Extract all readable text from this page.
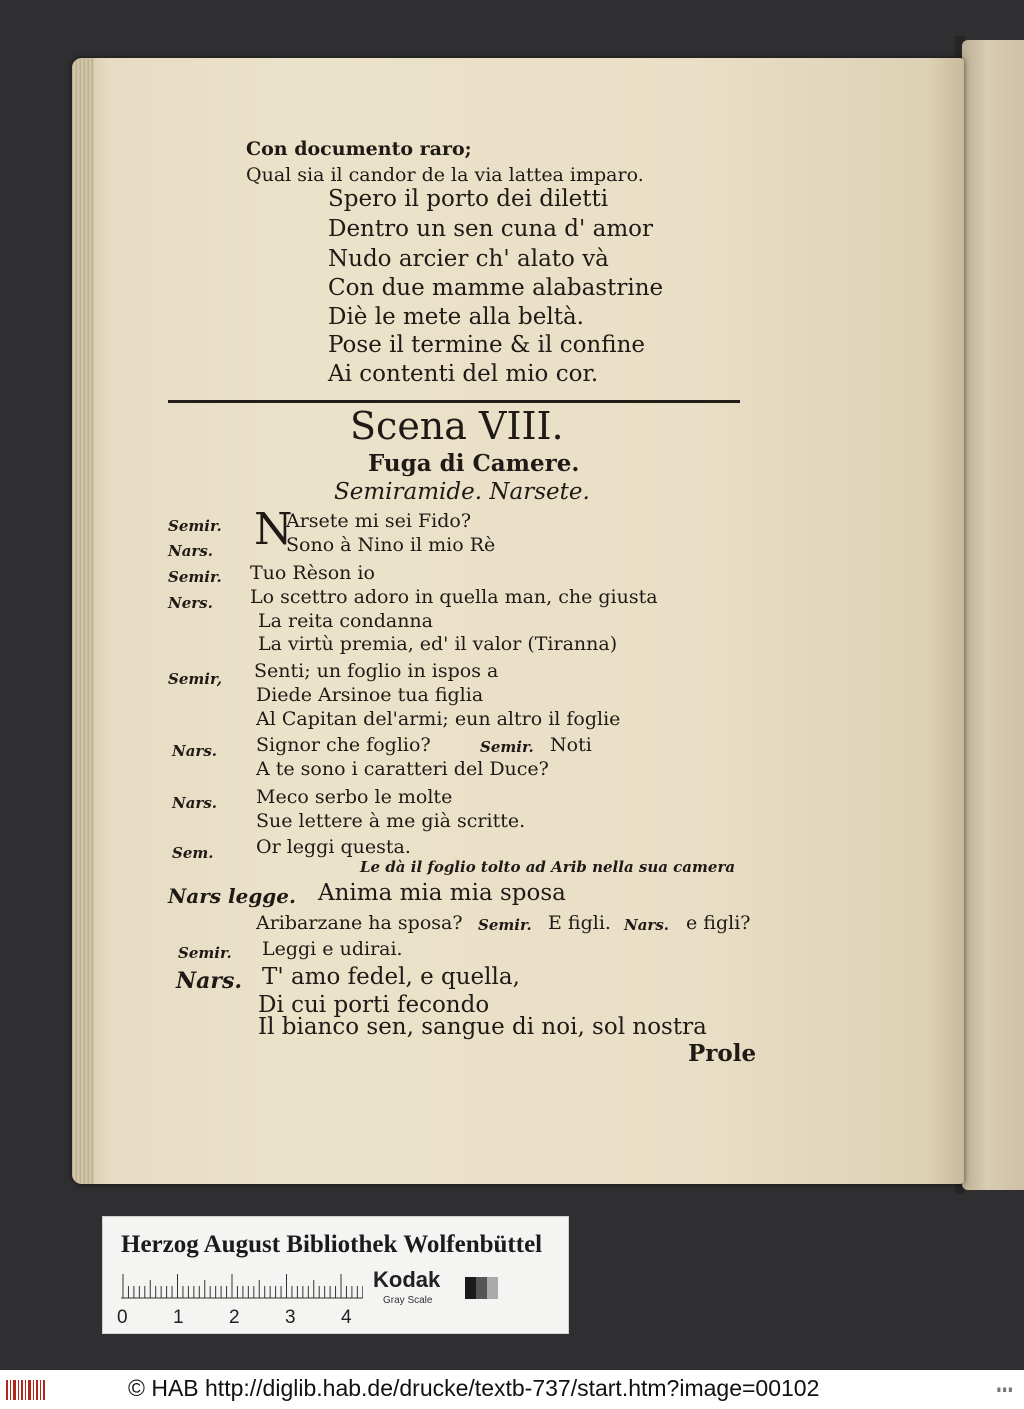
Con documento raro;
Qual sia il candor de la via lattea imparo.
Spero il porto dei diletti
Dentro un sen cuna d' amor
Nudo arcier ch' alato và
Con due mamme alabastrine
Diè le mete alla beltà.
Pose il termine & il confine
Ai contenti del mio cor.
Scena VIII.
Fuga di Camere.
Semiramide. Narsete.
Semir. N
Arsete mi sei Fido?
Nars.	Sono à Nino il mio Rè
Semir. Tuo Rèson io
Ners. Lo scettro adoro in quella man, che giusta
La reita condanna
La virtù premia, ed' il valor (Tiranna)
Semir, Senti; un foglio in ispos a
Diede Arsinoe tua figlia
Al Capitan del'armi; eun altro il foglie
Nars. Signor che foglio?	Semir. Noti
A te sono i caratteri del Duce?
Nars. Meco serbo le molte
Sue lettere à me già scritte.
Sem. Or leggi questa.
Le dà il foglio tolto ad Arib nella sua camera
Nars legge. Anima mia mia sposa
Aribarzane ha sposa? Semir. E figli. Nars. e figli?
Semir. Leggi e udirai.
Nars. T' amo fedel, e quella,
Di cui porti fecondo
Il bianco sen, sangue di noi, sol nostra
Prole
Herzog August Bibliothek Wolfenbüttel
0 1 2 3 4
Kodak
Gray Scale
© HAB http://diglib.hab.de/drucke/textb-737/start.htm?image=00102	∎∎∎
